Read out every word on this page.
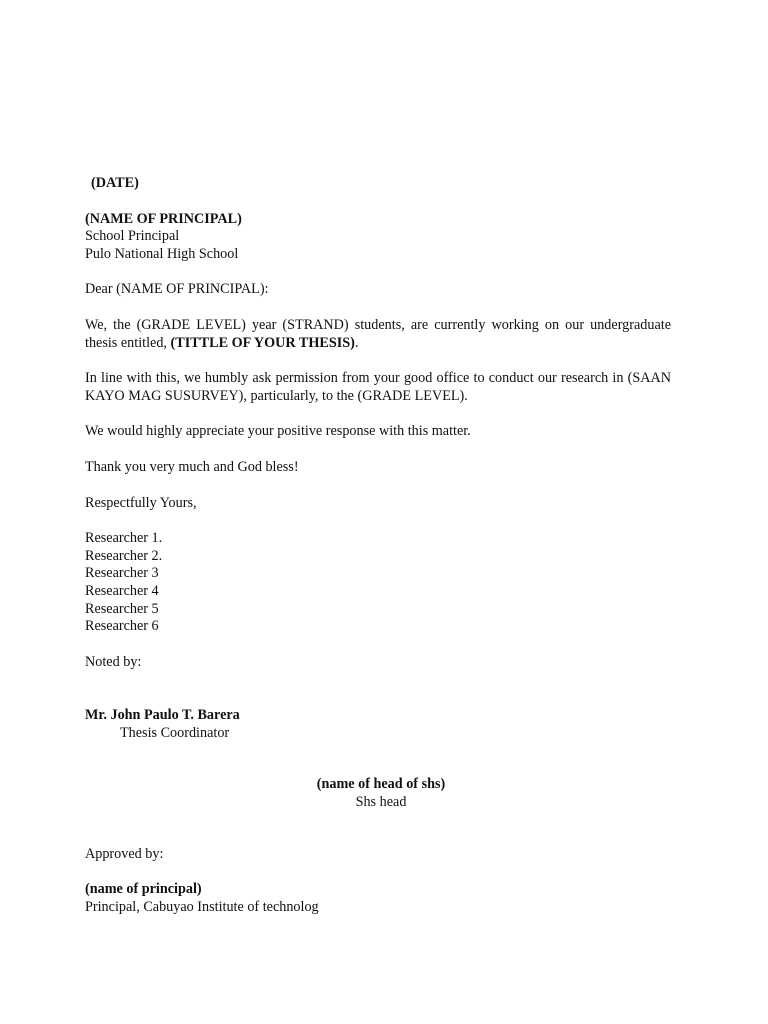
(DATE)
(NAME OF PRINCIPAL)
School Principal
Pulo National High School
Dear (NAME OF PRINCIPAL):

We, the (GRADE LEVEL) year (STRAND) students, are currently working on our undergraduate thesis entitled, (TITTLE OF YOUR THESIS).

In line with this, we humbly ask permission from your good office to conduct our research in (SAAN KAYO MAG SUSURVEY), particularly, to the (GRADE LEVEL).

We would highly appreciate your positive response with this matter.
Thank you very much and God bless!
Respectfully Yours,
Researcher 1.
Researcher 2.
Researcher 3
Researcher 4
Researcher 5
Researcher 6
Noted by:
Mr. John Paulo T. Barera
Thesis Coordinator
(name of head of shs)
Shs head
Approved by:
(name of principal)
Principal, Cabuyao Institute of technolog
